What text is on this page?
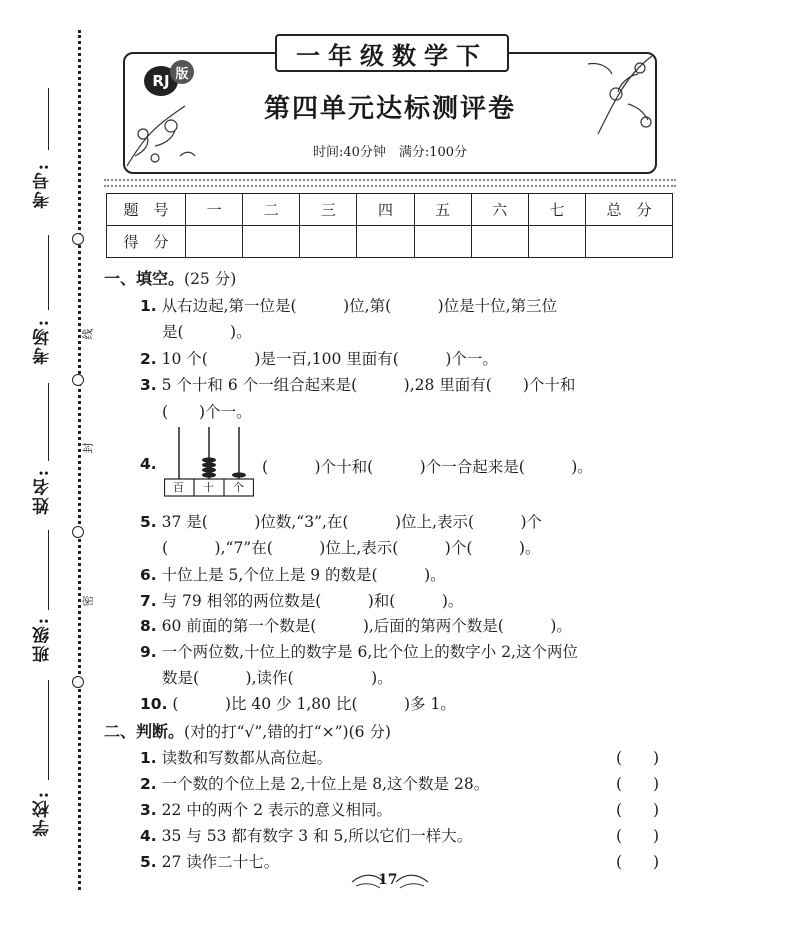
考号:
考场:
姓名:
班级:
学校:
线
封
密
一年级数学下
RJ 版
第四单元达标测评卷
时间:40分钟　满分:100分
题　号	一	二	三	四	五	六	七	总　分
得　分								
一、填空。(25 分)
1. 从右边起,第一位是(　　　)位,第(　　　)位是十位,第三位
是(　　　)。
2. 10 个(　　　)是一百,100 里面有(　　　)个一。
3. 5 个十和 6 个一组合起来是(　　　),28 里面有(　　)个十和
(　　)个一。
4.
百 十 个
(　　　)个十和(　　　)个一合起来是(　　　)。
5. 37 是(　　　)位数,“3”,在(　　　)位上,表示(　　　)个
(　　　),“7”在(　　　)位上,表示(　　　)个(　　　)。
6. 十位上是 5,个位上是 9 的数是(　　　)。
7. 与 79 相邻的两位数是(　　　)和(　　　)。
8. 60 前面的第一个数是(　　　),后面的第两个数是(　　　)。
9. 一个两位数,十位上的数字是 6,比个位上的数字小 2,这个两位
数是(　　　),读作(　　　　　)。
10. (　　　)比 40 少 1,80 比(　　　)多 1。
二、判断。(对的打“√”,错的打“×”)(6 分)
1. 读数和写数都从高位起。	(　　)
2. 一个数的个位上是 2,十位上是 8,这个数是 28。	(　　)
3. 22 中的两个 2 表示的意义相同。	(　　)
4. 35 与 53 都有数字 3 和 5,所以它们一样大。	(　　)
5. 27 读作二十七。	(　　)
17
